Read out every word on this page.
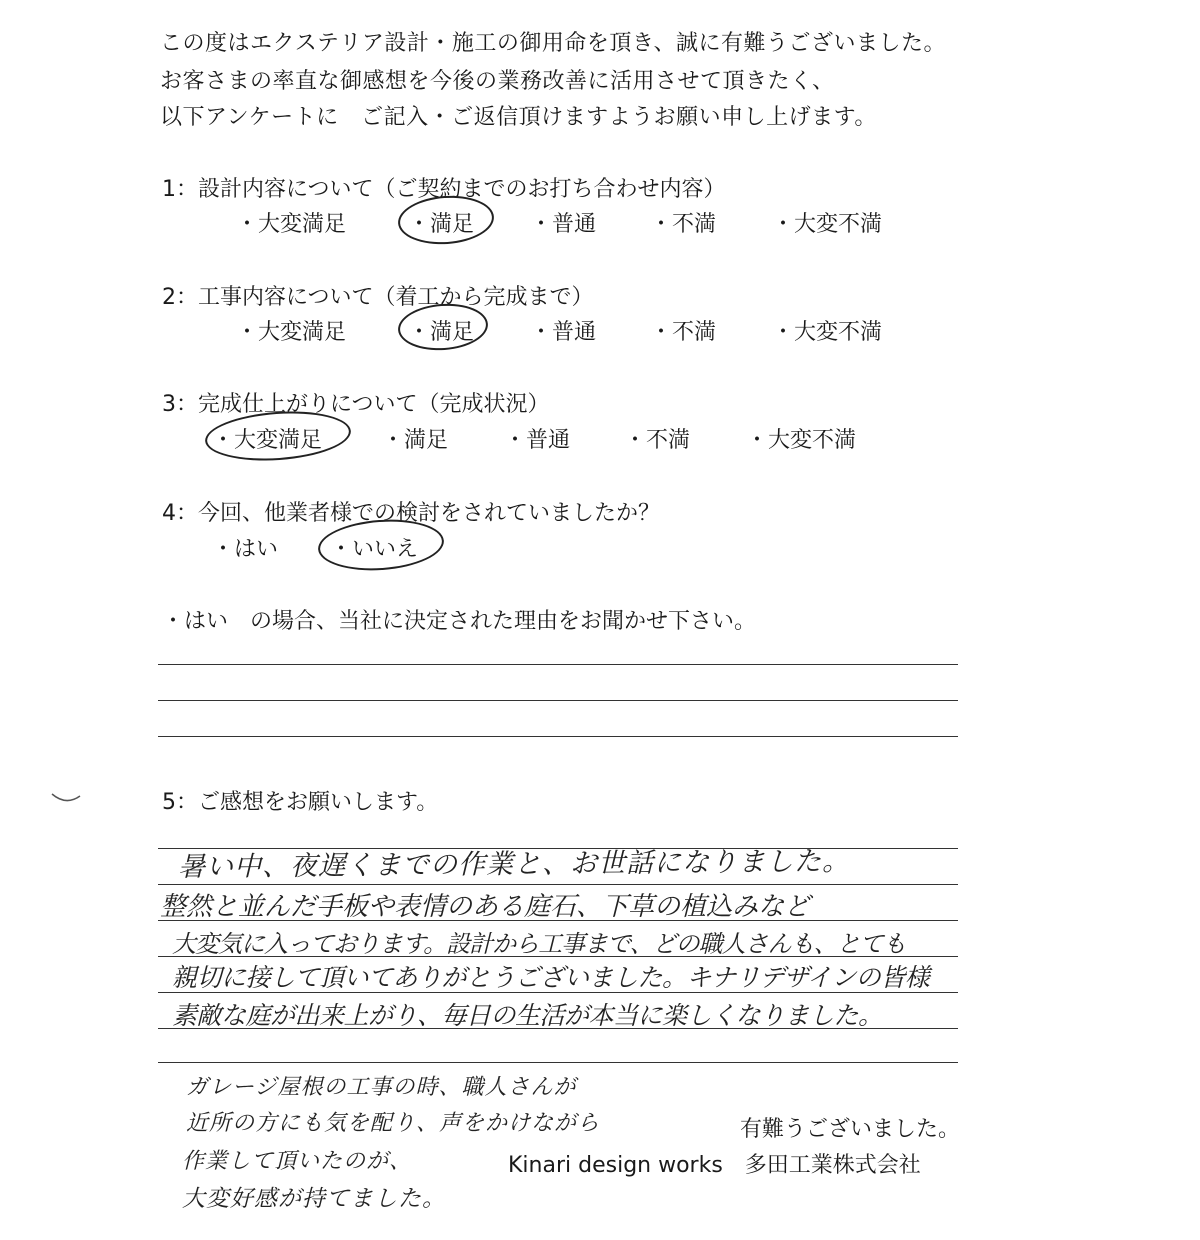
この度はエクステリア設計・施工の御用命を頂き、誠に有難うございました。
お客さまの率直な御感想を今後の業務改善に活用させて頂きたく、
以下アンケートに　ご記入・ご返信頂けますようお願い申し上げます。
1：設計内容について（ご契約までのお打ち合わせ内容）
・大変満足	・満足	・普通 ・不満	・大変不満
2：工事内容について（着工から完成まで）
・大変満足	・満足	・普通 ・不満	・大変不満
3：完成仕上がりについて（完成状況）
・大変満足	・満足	・普通 ・不満	・大変不満
4：今回、他業者様での検討をされていましたか？
・はい ・いいえ
・はい　の場合、当社に決定された理由をお聞かせ下さい。
5：ご感想をお願いします。
暑い中、夜遅くまでの作業と、お世話になりました。
整然と並んだ手板や表情のある庭石、下草の植込みなど
大変気に入っております。設計から工事まで、どの職人さんも、とても
親切に接して頂いてありがとうございました。キナリデザインの皆様
素敵な庭が出来上がり、毎日の生活が本当に楽しくなりました。
ガレージ屋根の工事の時、職人さんが
近所の方にも気を配り、声をかけながら
作業して頂いたのが、
大変好感が持てました。
有難うございました。
Kinari design works　多田工業株式会社
